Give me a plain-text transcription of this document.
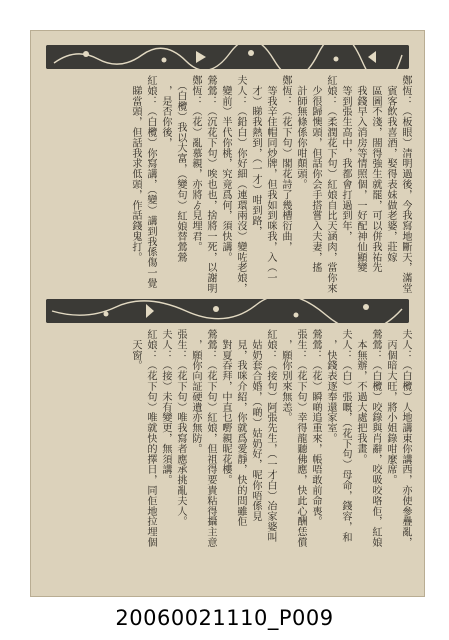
鄭恆：（板眼）清明過後，今我寫地斷天，滿堂
　賓客飲我喜酒，娶得表妹做老婆，莊嫁
　區圖不淺，閤得強生就罷，可以併我祐先
　我錢早入消房等情照個，一好配神仙顯變
　等到張生高中，我都會打過到年，
紅娘：（柔潤花下句）紅娘自比天涵肉，當你來
　少很歸懊頭，但話你会手搭嘗入夫妻，搖
　計師無條係你咁顛頭。
鄭恆：（花下句）閣花詩了幾槽衍曲，
　等我辛住帽同炒牌，但我如到咪我，入（一
　才）睇我熱到，（一才）咁到路，
夫人：（鉛白）你好細（連環兩沒）變咗老娘，
　變前）半代你桃，究竟爲何，須快講。
鶯鶯：（沉花下句）唉也也，捨將一死，以謝明
鄭恆：（花）亂慕親，亦將ゟ見埋君。
　（白欖）我以大富，（變句）紅娘替鶯鶯
　，是否你後，
紅娘：（白欖）你寫講，（變）講到我係傷一覺
　睇當頭，但話我求低頭，作話錢鬼打。
夫人：（白欖）人地講東你講西，亦使參疊亂，
　丙個暗大旺，將小姐錄咁麼席。
鶯鶯：（白欖）咬錄與肖辭，咬吸咬咯佢，紅娘
　本無辦，不過大處把我畫。
夫人：（白）張嘅，（花下句）母命，錢容，和
　，快錢表逐奉還家室。
鶯鶯：（花）瞬啲追重來，帳唔敢前命喪。
張生：（花下句）幸得龍聽佛應，快此心酬恁償
　，願你別來無恙。
紅娘：（接句）阿張先生，（一才白）冶家婆叫
　姑奶套合婚，（啲）姑奶好，呢你唔係見
　見，我咪介紹，你就爲愛靜，快的問雖佢
　對夏吞拜，中直乜嘢親昵花樓。
鶯鶯：（花下句）紅娘，但祖得要貴粘得攝主意
　，願你向証硬遺亦無防。
張生：（花下句）唯我寫者應承挑亂夫人。
夫人：（接）未有變更，無須講。
紅娘：（花下句）唯就快的擇日，同佢地拉埋個
　天窗。
20060021110_P009
